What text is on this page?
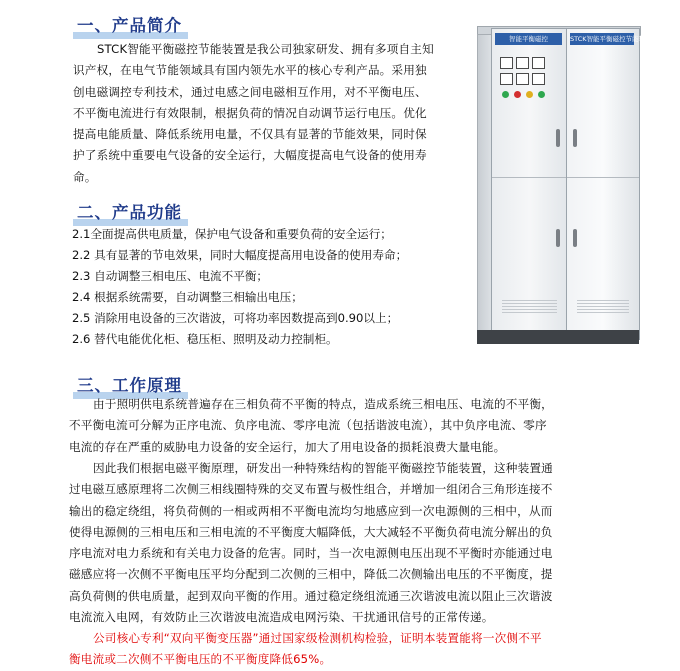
一、产品简介
STCK智能平衡磁控节能装置是我公司独家研发、拥有多项自主知
识产权，在电气节能领域具有国内领先水平的核心专利产品。采用独
创电磁调控专利技术，通过电感之间电磁相互作用，对不平衡电压、
不平衡电流进行有效限制，根据负荷的情况自动调节运行电压。优化
提高电能质量、降低系统用电量，不仅具有显著的节能效果，同时保
护了系统中重要电气设备的安全运行，大幅度提高电气设备的使用寿
命。
二、产品功能
2.1全面提高供电质量，保护电气设备和重要负荷的安全运行；
2.2 具有显著的节电效果，同时大幅度提高用电设备的使用寿命；
2.3 自动调整三相电压、电流不平衡；
2.4 根据系统需要，自动调整三相输出电压；
2.5 消除用电设备的三次谐波，可将功率因数提高到0.90以上；
2.6 替代电能优化柜、稳压柜、照明及动力控制柜。
智能平衡磁控	STCK智能平衡磁控节能装置
三、工作原理
由于照明供电系统普遍存在三相负荷不平衡的特点，造成系统三相电压、电流的不平衡，
不平衡电流可分解为正序电流、负序电流、零序电流（包括谐波电流），其中负序电流、零序
电流的存在严重的威胁电力设备的安全运行，加大了用电设备的损耗浪费大量电能。
因此我们根据电磁平衡原理，研发出一种特殊结构的智能平衡磁控节能装置，这种装置通
过电磁互感原理将二次侧三相线圈特殊的交叉布置与极性组合，并增加一组闭合三角形连接不
输出的稳定绕组，将负荷侧的一相或两相不平衡电流均匀地感应到一次电源侧的三相中，从而
使得电源侧的三相电压和三相电流的不平衡度大幅降低，大大减轻不平衡负荷电流分解出的负
序电流对电力系统和有关电力设备的危害。同时，当一次电源侧电压出现不平衡时亦能通过电
磁感应将一次侧不平衡电压平均分配到二次侧的三相中，降低二次侧输出电压的不平衡度，提
高负荷侧的供电质量，起到双向平衡的作用。通过稳定绕组流通三次谐波电流以阻止三次谐波
电流流入电网，有效防止三次谐波电流造成电网污染、干扰通讯信号的正常传递。
公司核心专利“双向平衡变压器”通过国家级检测机构检验，证明本装置能将一次侧不平
衡电流或二次侧不平衡电压的不平衡度降低65%。
